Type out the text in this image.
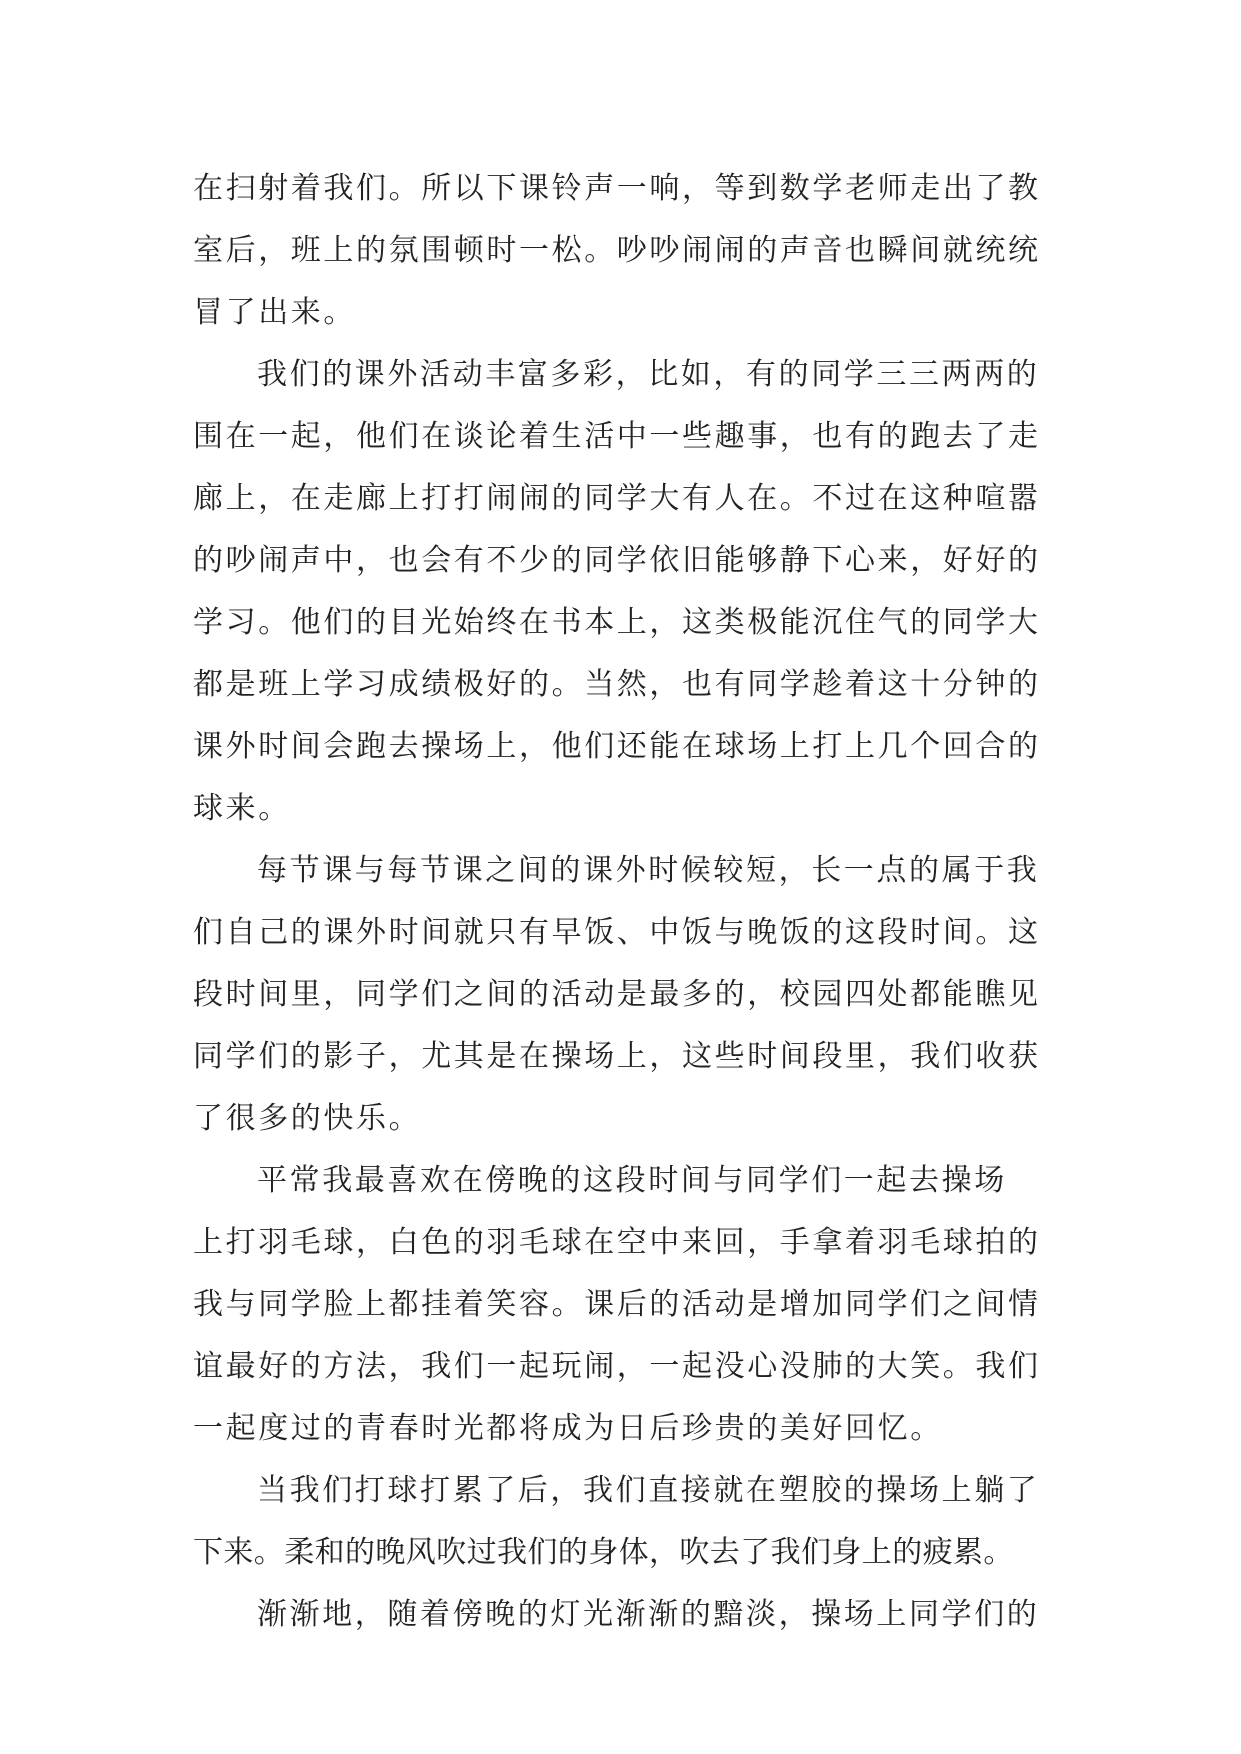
在扫射着我们。所以下课铃声一响，等到数学老师走出了教
室后，班上的氛围顿时一松。吵吵闹闹的声音也瞬间就统统
冒了出来。
我们的课外活动丰富多彩，比如，有的同学三三两两的
围在一起，他们在谈论着生活中一些趣事，也有的跑去了走
廊上，在走廊上打打闹闹的同学大有人在。不过在这种喧嚣
的吵闹声中，也会有不少的同学依旧能够静下心来，好好的
学习。他们的目光始终在书本上，这类极能沉住气的同学大
都是班上学习成绩极好的。当然，也有同学趁着这十分钟的
课外时间会跑去操场上，他们还能在球场上打上几个回合的
球来。
每节课与每节课之间的课外时候较短，长一点的属于我
们自己的课外时间就只有早饭、中饭与晚饭的这段时间。这
段时间里，同学们之间的活动是最多的，校园四处都能瞧见
同学们的影子，尤其是在操场上，这些时间段里，我们收获
了很多的快乐。
平常我最喜欢在傍晚的这段时间与同学们一起去操场
上打羽毛球，白色的羽毛球在空中来回，手拿着羽毛球拍的
我与同学脸上都挂着笑容。课后的活动是增加同学们之间情
谊最好的方法，我们一起玩闹，一起没心没肺的大笑。我们
一起度过的青春时光都将成为日后珍贵的美好回忆。
当我们打球打累了后，我们直接就在塑胶的操场上躺了
下来。柔和的晚风吹过我们的身体，吹去了我们身上的疲累。
渐渐地，随着傍晚的灯光渐渐的黯淡，操场上同学们的
